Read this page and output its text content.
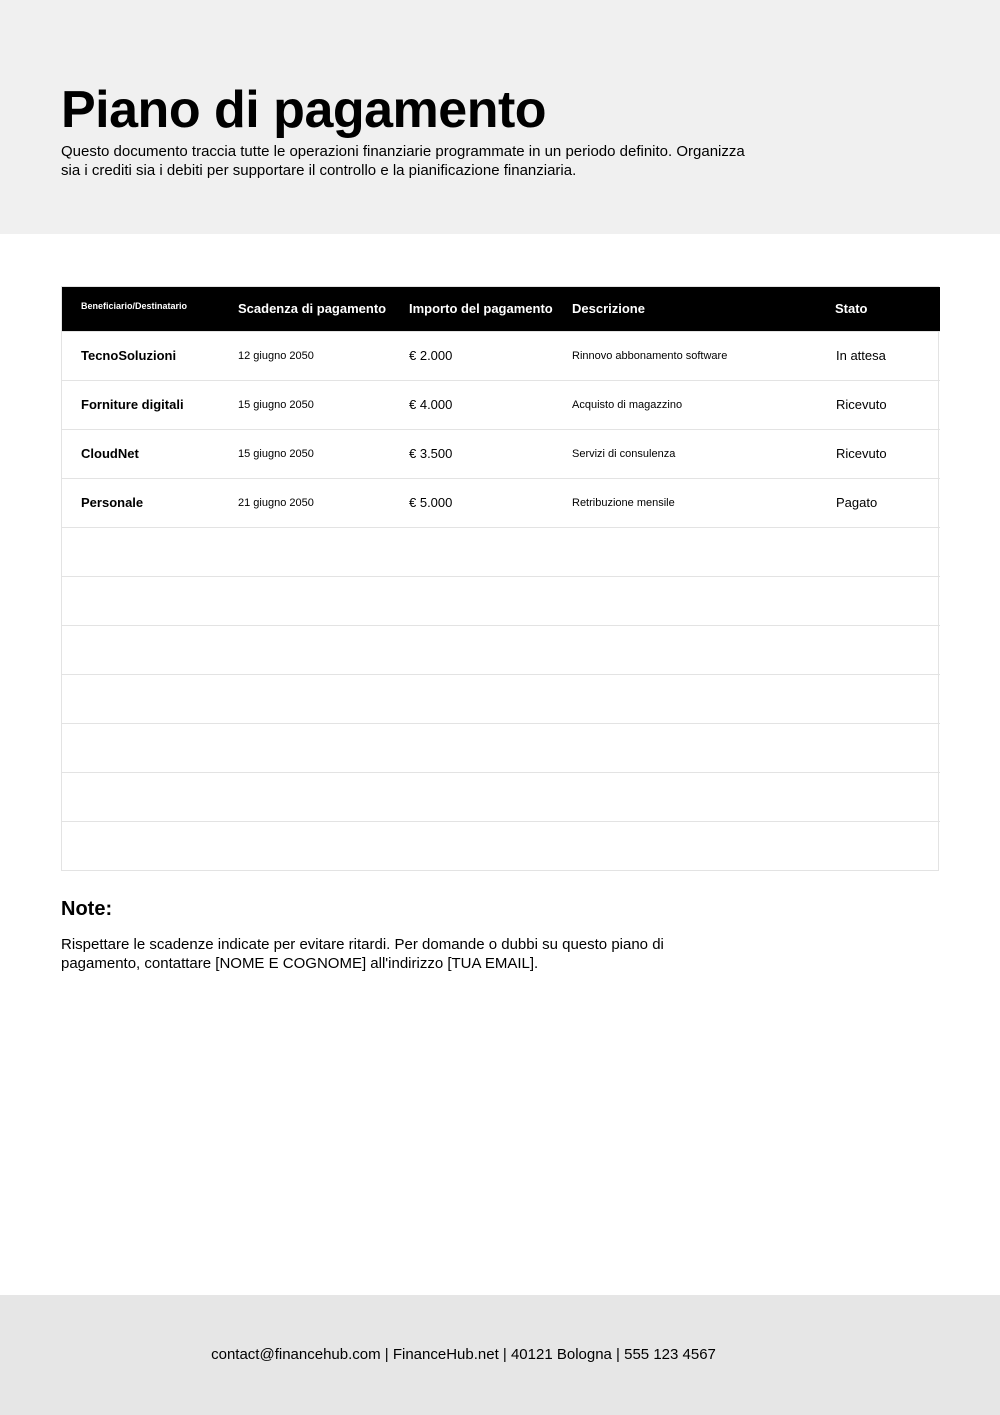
Piano di pagamento

Questo documento traccia tutte le operazioni finanziarie programmate in un periodo definito. Organizza sia i crediti sia i debiti per supportare il controllo e la pianificazione finanziaria.

Beneficiario/Destinatario	Scadenza di pagamento	Importo del pagamento	Descrizione	Stato
TecnoSoluzioni	12 giugno 2050	€ 2.000	Rinnovo abbonamento software	In attesa
Forniture digitali	15 giugno 2050	€ 4.000	Acquisto di magazzino	Ricevuto
CloudNet	15 giugno 2050	€ 3.500	Servizi di consulenza	Ricevuto
Personale	21 giugno 2050	€ 5.000	Retribuzione mensile	Pagato

Note:

Rispettare le scadenze indicate per evitare ritardi. Per domande o dubbi su questo piano di pagamento, contattare [NOME E COGNOME] all'indirizzo [TUA EMAIL].

contact@financehub.com | FinanceHub.net | 40121 Bologna | 555 123 4567
